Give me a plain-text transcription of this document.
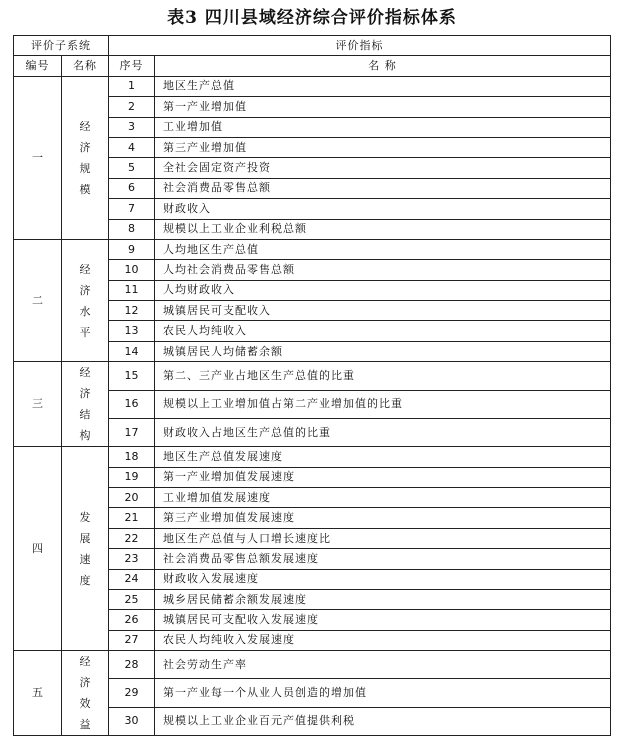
表3 四川县域经济综合评价指标体系
评价子系统		评价指标	
编号	名称	序号	名 称
一	经济规模	1	地区生产总值
		2	第一产业增加值
		3	工业增加值
		4	第三产业增加值
		5	全社会固定资产投资
		6	社会消费品零售总额
		7	财政收入
		8	规模以上工业企业利税总额
二	经济水平	9	人均地区生产总值
		10	人均社会消费品零售总额
		11	人均财政收入
		12	城镇居民可支配收入
		13	农民人均纯收入
		14	城镇居民人均储蓄余额
三	经济结构	15	第二、三产业占地区生产总值的比重
		16	规模以上工业增加值占第二产业增加值的比重
		17	财政收入占地区生产总值的比重
四	发展速度	18	地区生产总值发展速度
		19	第一产业增加值发展速度
		20	工业增加值发展速度
		21	第三产业增加值发展速度
		22	地区生产总值与人口增长速度比
		23	社会消费品零售总额发展速度
		24	财政收入发展速度
		25	城乡居民储蓄余额发展速度
		26	城镇居民可支配收入发展速度
		27	农民人均纯收入发展速度
五	经济效益	28	社会劳动生产率
		29	第一产业每一个从业人员创造的增加值
		30	规模以上工业企业百元产值提供利税
